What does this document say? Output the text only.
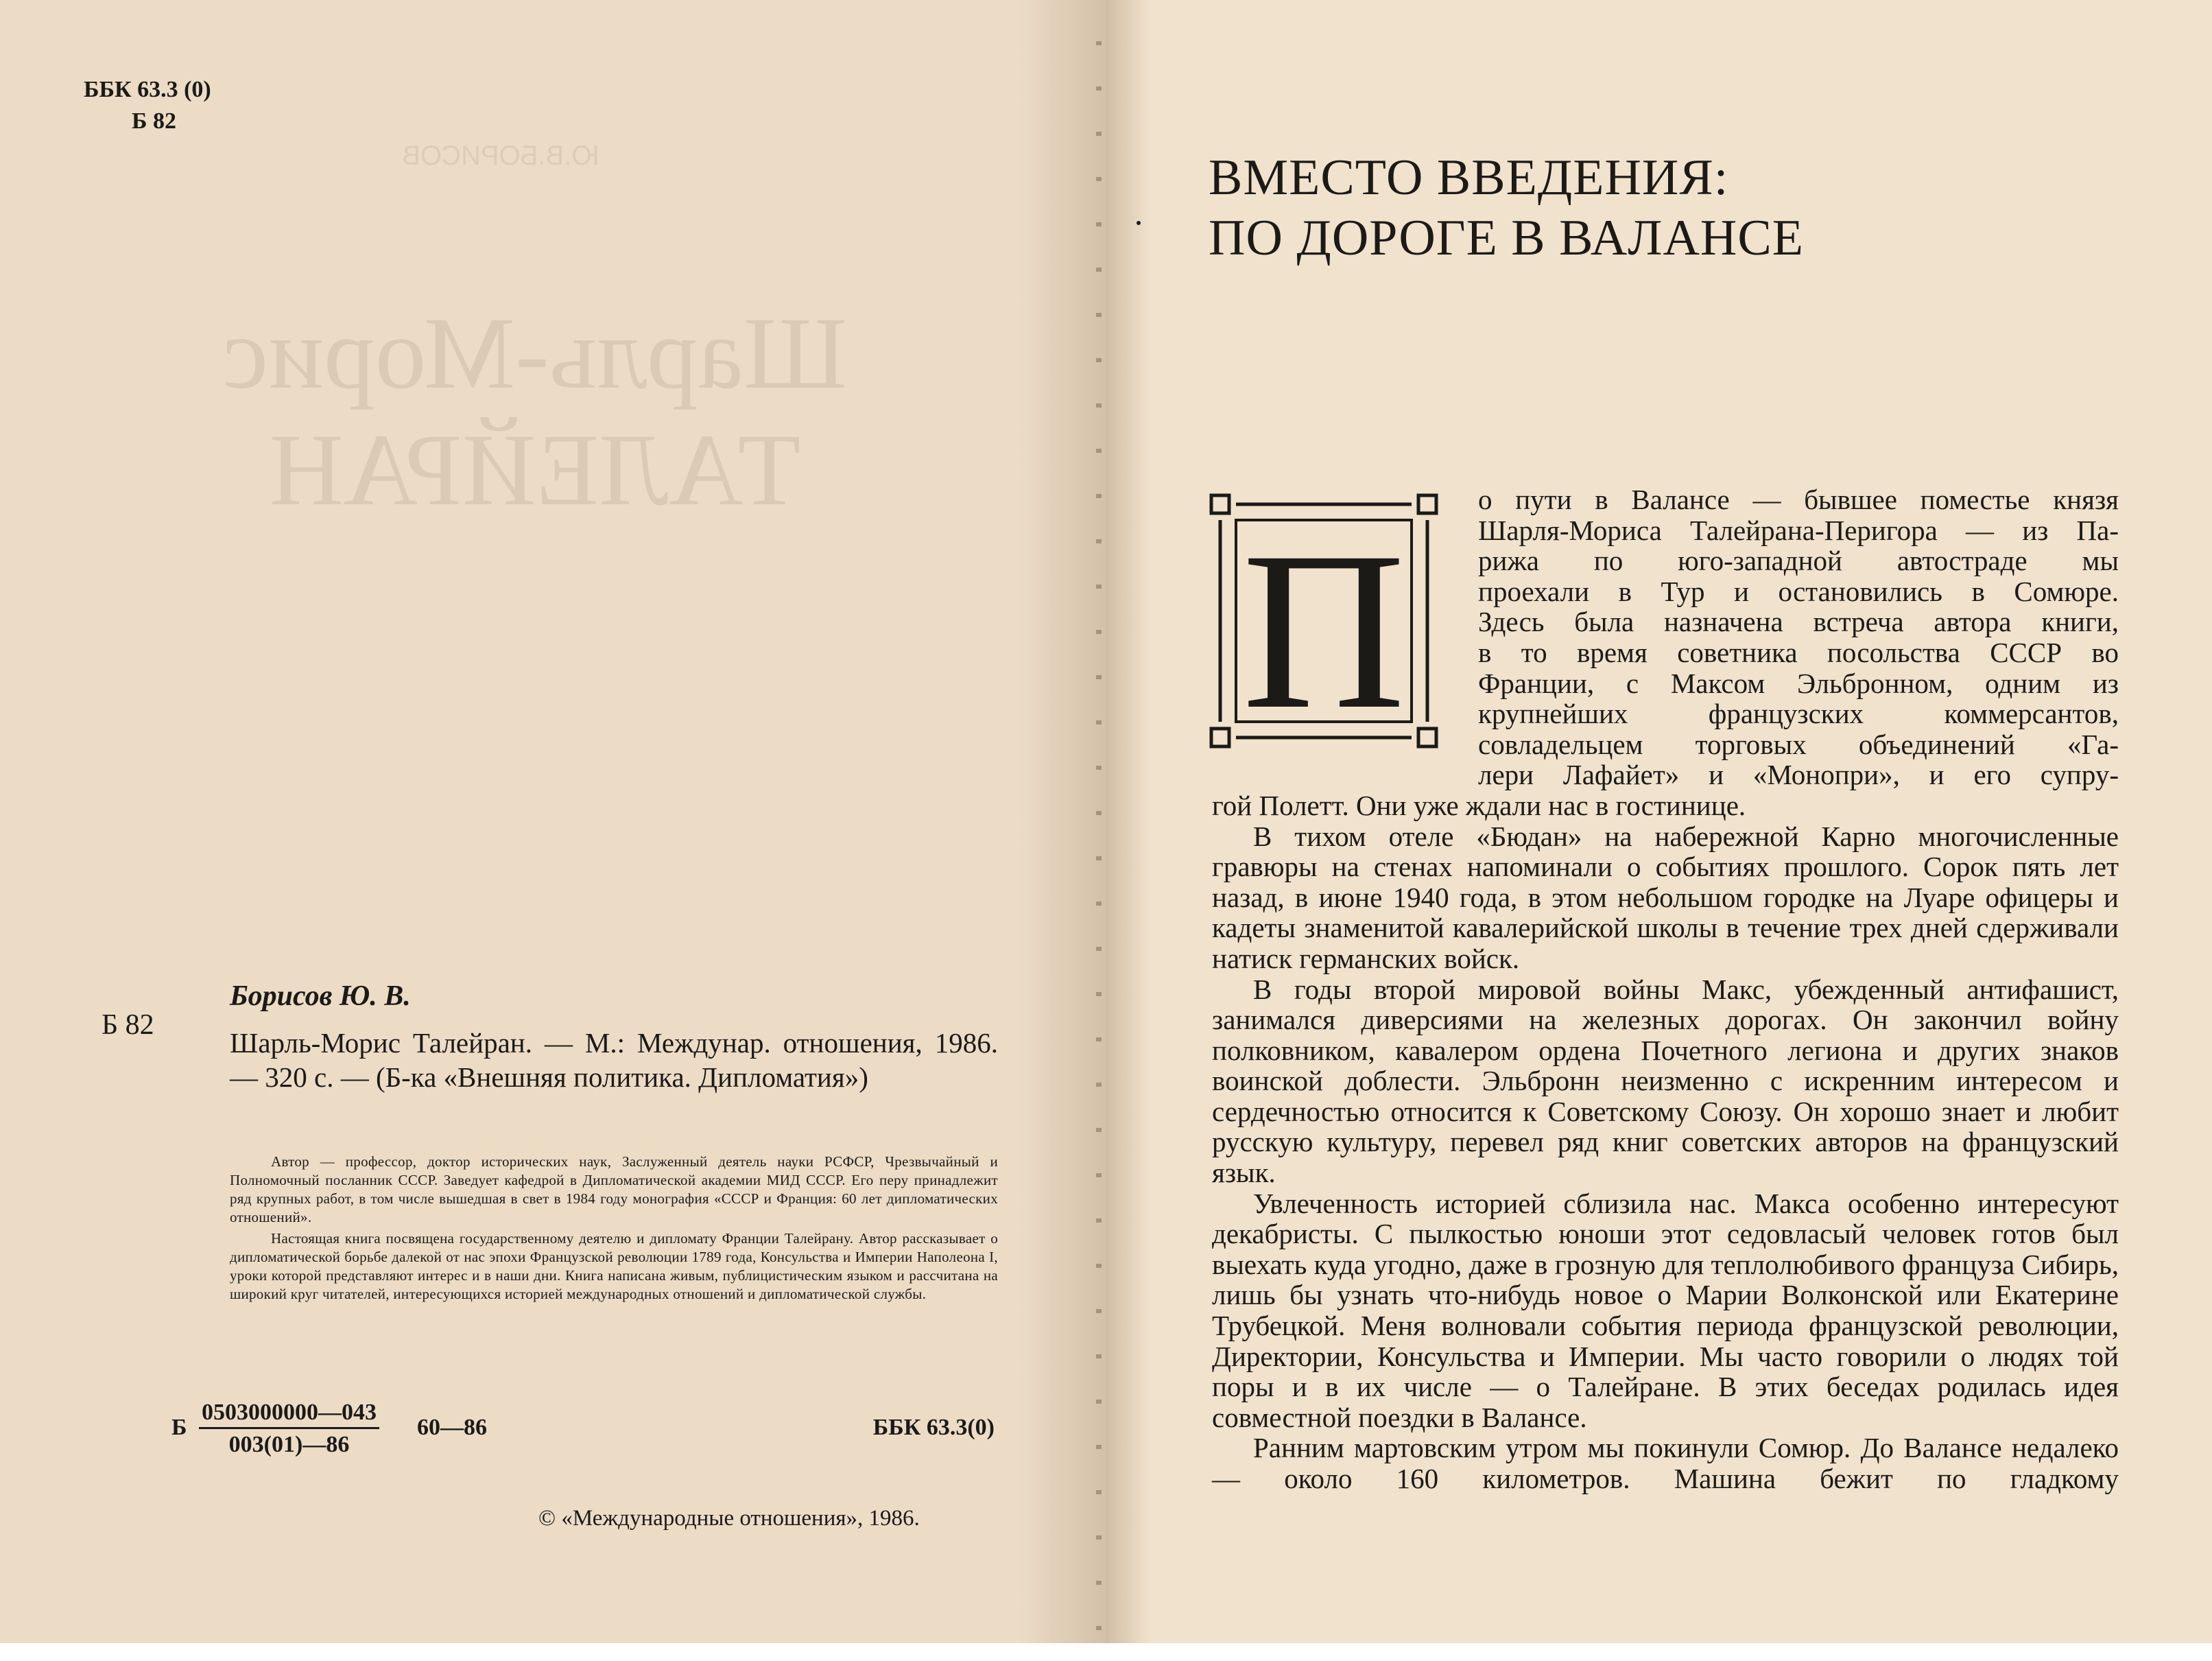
Ю.В.БОРИСОВ
Шарль-Морис
ТАЛЕЙРАН
ББК 63.3 (0)
Б 82
Б 82
Борисов Ю. В.
Шарль-Морис Талейран. — М.: Междунар. отношения, 1986. — 320 с. — (Б-ка «Внешняя политика. Дипломатия»)

Автор — профессор, доктор исторических наук, Заслуженный деятель науки РСФСР, Чрезвычайный и Полномочный посланник СССР. Заведует кафедрой в Дипломатической академии МИД СССР. Его перу принадлежит ряд крупных работ, в том числе вышедшая в свет в 1984 году монография «СССР и Франция: 60 лет дипломатических отношений».

Настоящая книга посвящена государственному деятелю и дипломату Франции Талейрану. Автор рассказывает о дипломатической борьбе далекой от нас эпохи Французской революции 1789 года, Консульства и Империи Наполеона I, уроки которой представляют интерес и в наши дни. Книга написана живым, публицистическим языком и рассчитана на широкий круг читателей, интересующихся историей международных отношений и дипломатической службы.

Б $\frac{0503000000—043}{003(01)—86}$ 60—86	ББК 63.3(0)
© «Международные отношения», 1986.
ВМЕСТО ВВЕДЕНИЯ:
ПО ДОРОГЕ В ВАЛАНСЕ
П
о пути в Валансе — бывшее поместье князя
Шарля-Мориса Талейрана-Перигора — из Па-
рижа по юго-западной автостраде мы
проехали в Тур и остановились в Сомюре.
Здесь была назначена встреча автора книги,
в то время советника посольства СССР во
Франции, с Максом Эльбронном, одним из
крупнейших французских коммерсантов,
совладельцем торговых объединений «Га-
лери Лафайет» и «Монопри», и его супру-
гой Полетт. Они уже ждали нас в гостинице.

В тихом отеле «Бюдан» на набережной Карно многочисленные гравюры на стенах напоминали о событиях прошлого. Сорок пять лет назад, в июне 1940 года, в этом небольшом городке на Луаре офицеры и кадеты знаменитой кавалерийской школы в течение трех дней сдерживали натиск германских войск.

В годы второй мировой войны Макс, убежденный антифашист, занимался диверсиями на железных дорогах. Он закончил войну полковником, кавалером ордена Почетного легиона и других знаков воинской доблести. Эльбронн неизменно с искренним интересом и сердечностью относится к Советскому Союзу. Он хорошо знает и любит русскую культуру, перевел ряд книг советских авторов на французский язык.

Увлеченность историей сблизила нас. Макса особенно интересуют декабристы. С пылкостью юноши этот седовласый человек готов был выехать куда угодно, даже в грозную для теплолюбивого француза Сибирь, лишь бы узнать что-нибудь новое о Марии Волконской или Екатерине Трубецкой. Меня волновали события периода французской революции, Директории, Консульства и Империи. Мы часто говорили о людях той поры и в их числе — о Талейране. В этих беседах родилась идея совместной поездки в Валансе.

Ранним мартовским утром мы покинули Сомюр. До Валансе недалеко — около 160 километров. Машина бежит по гладкому
